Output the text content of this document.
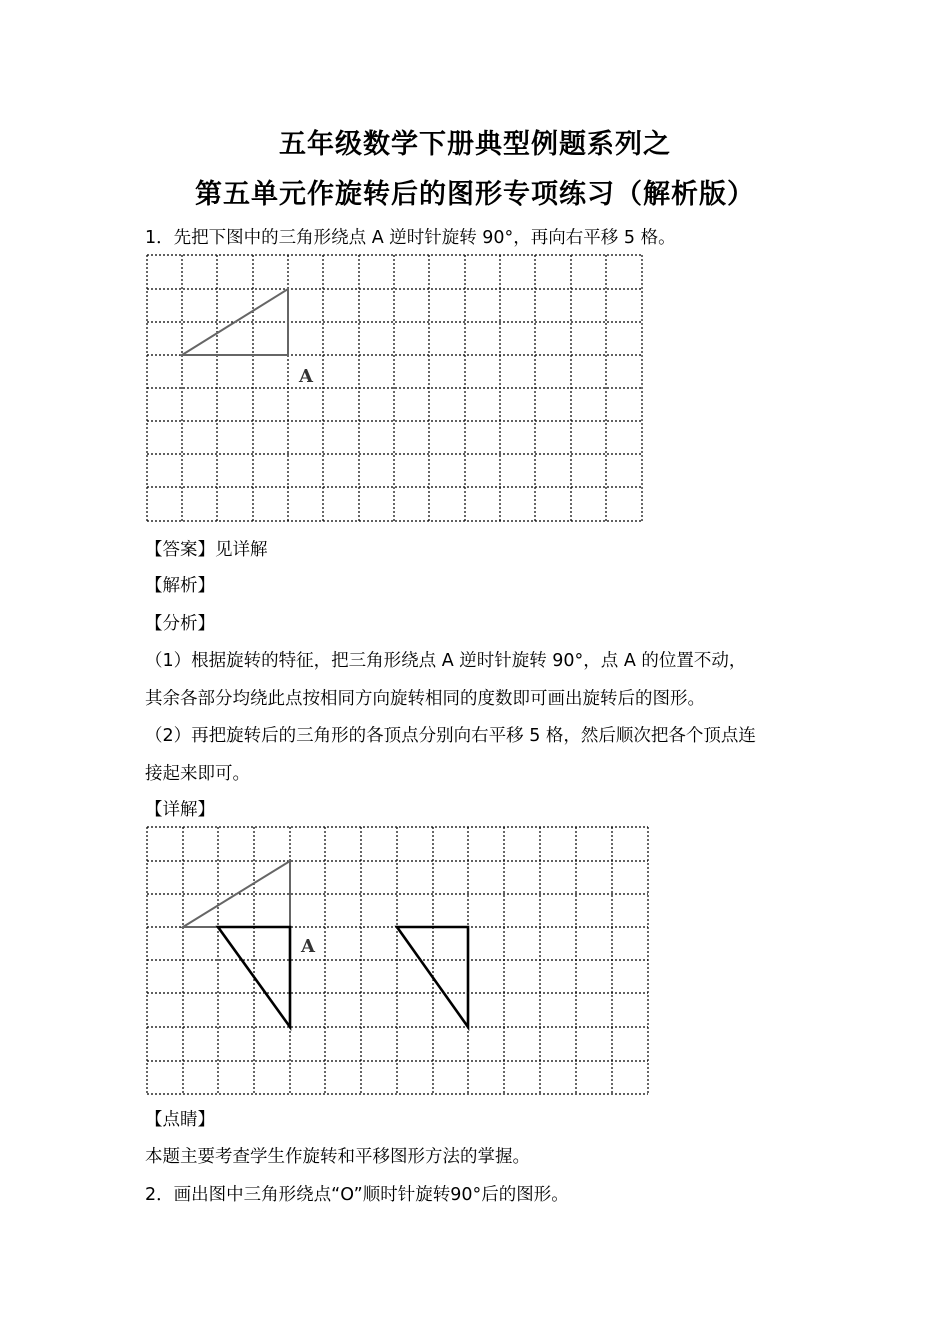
五年级数学下册典型例题系列之
第五单元作旋转后的图形专项练习（解析版）
1．先把下图中的三角形绕点 A 逆时针旋转 90°，再向右平移 5 格。
A
【答案】见详解
【解析】
【分析】
（1）根据旋转的特征，把三角形绕点 A 逆时针旋转 90°，点 A 的位置不动，
其余各部分均绕此点按相同方向旋转相同的度数即可画出旋转后的图形。
（2）再把旋转后的三角形的各顶点分别向右平移 5 格，然后顺次把各个顶点连
接起来即可。
【详解】
A
【点睛】
本题主要考查学生作旋转和平移图形方法的掌握。
2．画出图中三角形绕点“O”顺时针旋转90°后的图形。
